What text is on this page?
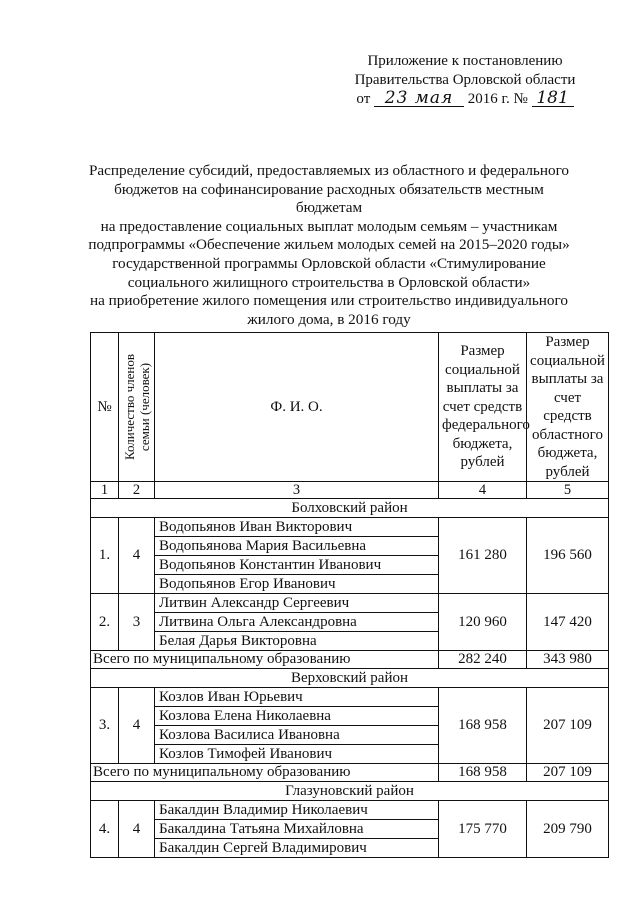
Приложение к постановлению
Правительства Орловской области
от 23 мая 2016 г. № 181
Распределение субсидий, предоставляемых из областного и федерального
бюджетов на софинансирование расходных обязательств местным бюджетам
на предоставление социальных выплат молодым семьям – участникам
подпрограммы «Обеспечение жильем молодых семей на 2015–2020 годы»
государственной программы Орловской области «Стимулирование
социального жилищного строительства в Орловской области»
на приобретение жилого помещения или строительство индивидуального
жилого дома, в 2016 году
№	Количество членов семьи (человек)	Ф. И. О.	Размер социальной выплаты за счет средств федерального бюджета, рублей	Размер социальной выплаты за счет средств областного бюджета, рублей
1	2	3	4	5
Болховский район				
1.	4	Водопьянов Иван Викторович	161 280	196 560
		Водопьянова Мария Васильевна		
		Водопьянов Константин Иванович		
		Водопьянов Егор Иванович		
2.	3	Литвин Александр Сергеевич	120 960	147 420
		Литвина Ольга Александровна		
		Белая Дарья Викторовна		
Всего по муниципальному образованию			282 240	343 980
Верховский район				
3.	4	Козлов Иван Юрьевич	168 958	207 109
		Козлова Елена Николаевна		
		Козлова Василиса Ивановна		
		Козлов Тимофей Иванович		
Всего по муниципальному образованию			168 958	207 109
Глазуновский район				
4.	4	Бакалдин Владимир Николаевич	175 770	209 790
		Бакалдина Татьяна Михайловна		
		Бакалдин Сергей Владимирович		
